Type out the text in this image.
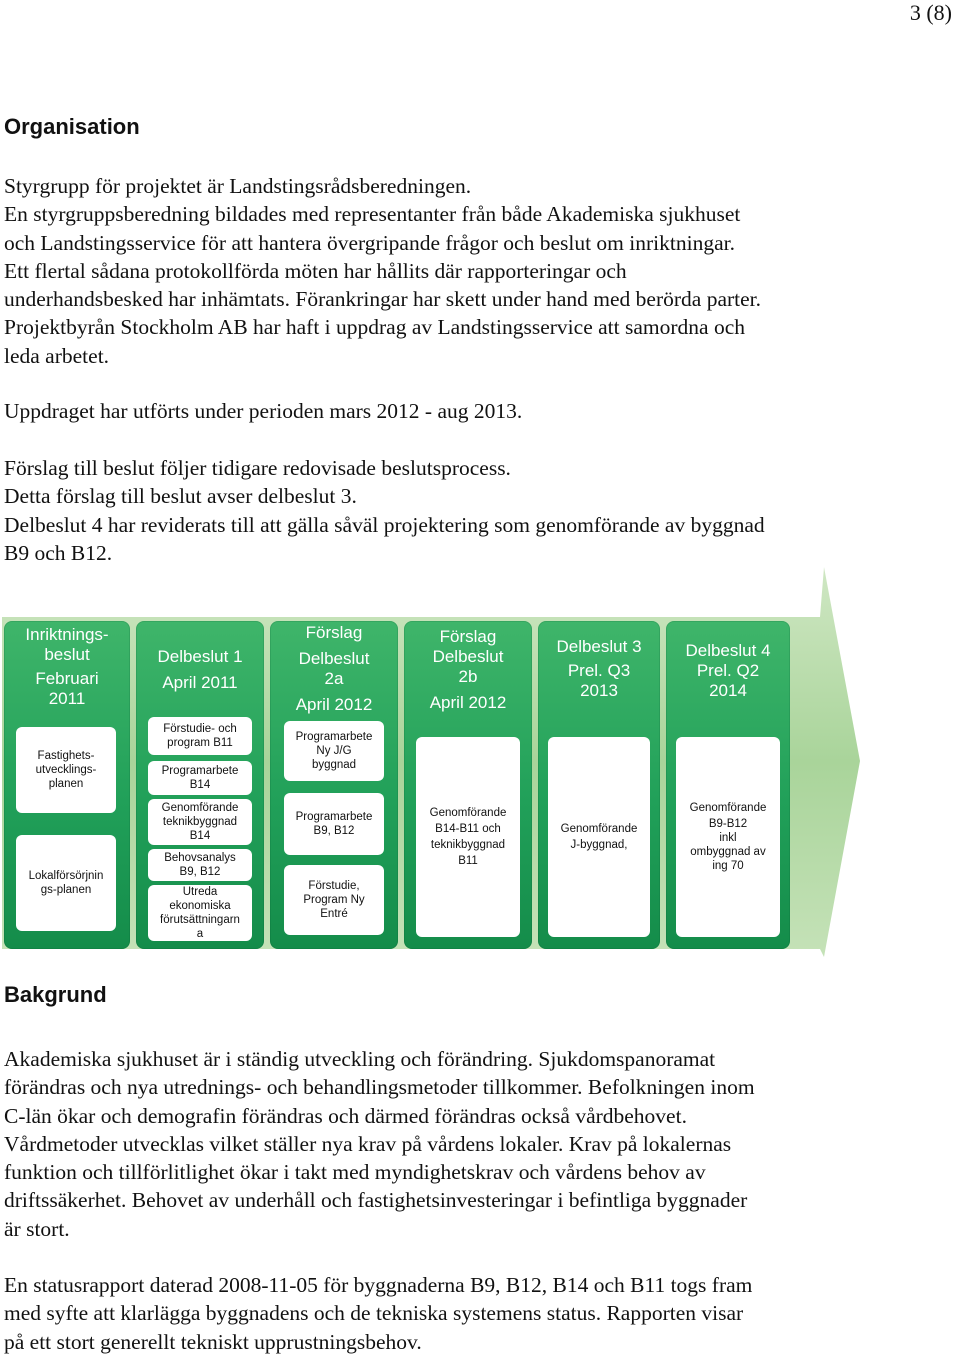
3 (8)
Organisation
Styrgrupp för projektet är Landstingsrådsberedningen.
En styrgruppsberedning bildades med representanter från både Akademiska sjukhuset
och Landstingsservice för att hantera övergripande frågor och beslut om inriktningar.
Ett flertal sådana protokollförda möten har hållits där rapporteringar och
underhandsbesked har inhämtats. Förankringar har skett under hand med berörda parter.
Projektbyrån Stockholm AB har haft i uppdrag av Landstingsservice att samordna och
leda arbetet.
Uppdraget har utförts under perioden mars 2012 - aug 2013.
Förslag till beslut följer tidigare redovisade beslutsprocess.
Detta förslag till beslut avser delbeslut 3.
Delbeslut 4 har reviderats till att gälla såväl projektering som genomförande av byggnad
B9 och B12.
Inriktnings-
beslut
Februari
2011
Fastighets-
utvecklings-
planen
Lokalförsörjnin
gs-planen
Delbeslut 1
April 2011
Förstudie- och
program B11
Programarbete
B14
Genomförande
teknikbyggnad
B14
Behovsanalys
B9, B12
Utreda
ekonomiska
förutsättningarn
a
Förslag
Delbeslut
2a
April 2012
Programarbete
Ny J/G
byggnad
Programarbete
B9, B12
Förstudie,
Program Ny
Entré
Förslag
Delbeslut
2b
April 2012
Genomförande
B14-B11 och
teknikbyggnad
B11
Delbeslut 3
Prel. Q3
2013
Genomförande
J-byggnad,
Delbeslut 4
Prel. Q2
2014
Genomförande
B9-B12
inkl
ombyggnad av
ing 70
Bakgrund
Akademiska sjukhuset är i ständig utveckling och förändring. Sjukdomspanoramat
förändras och nya utrednings- och behandlingsmetoder tillkommer. Befolkningen inom
C-län ökar och demografin förändras och därmed förändras också vårdbehovet.
Vårdmetoder utvecklas vilket ställer nya krav på vårdens lokaler. Krav på lokalernas
funktion och tillförlitlighet ökar i takt med myndighetskrav och vårdens behov av
driftssäkerhet. Behovet av underhåll och fastighetsinvesteringar i befintliga byggnader
är stort.
En statusrapport daterad 2008-11-05 för byggnaderna B9, B12, B14 och B11 togs fram
med syfte att klarlägga byggnadens och de tekniska systemens status. Rapporten visar
på ett stort generellt tekniskt upprustningsbehov.
